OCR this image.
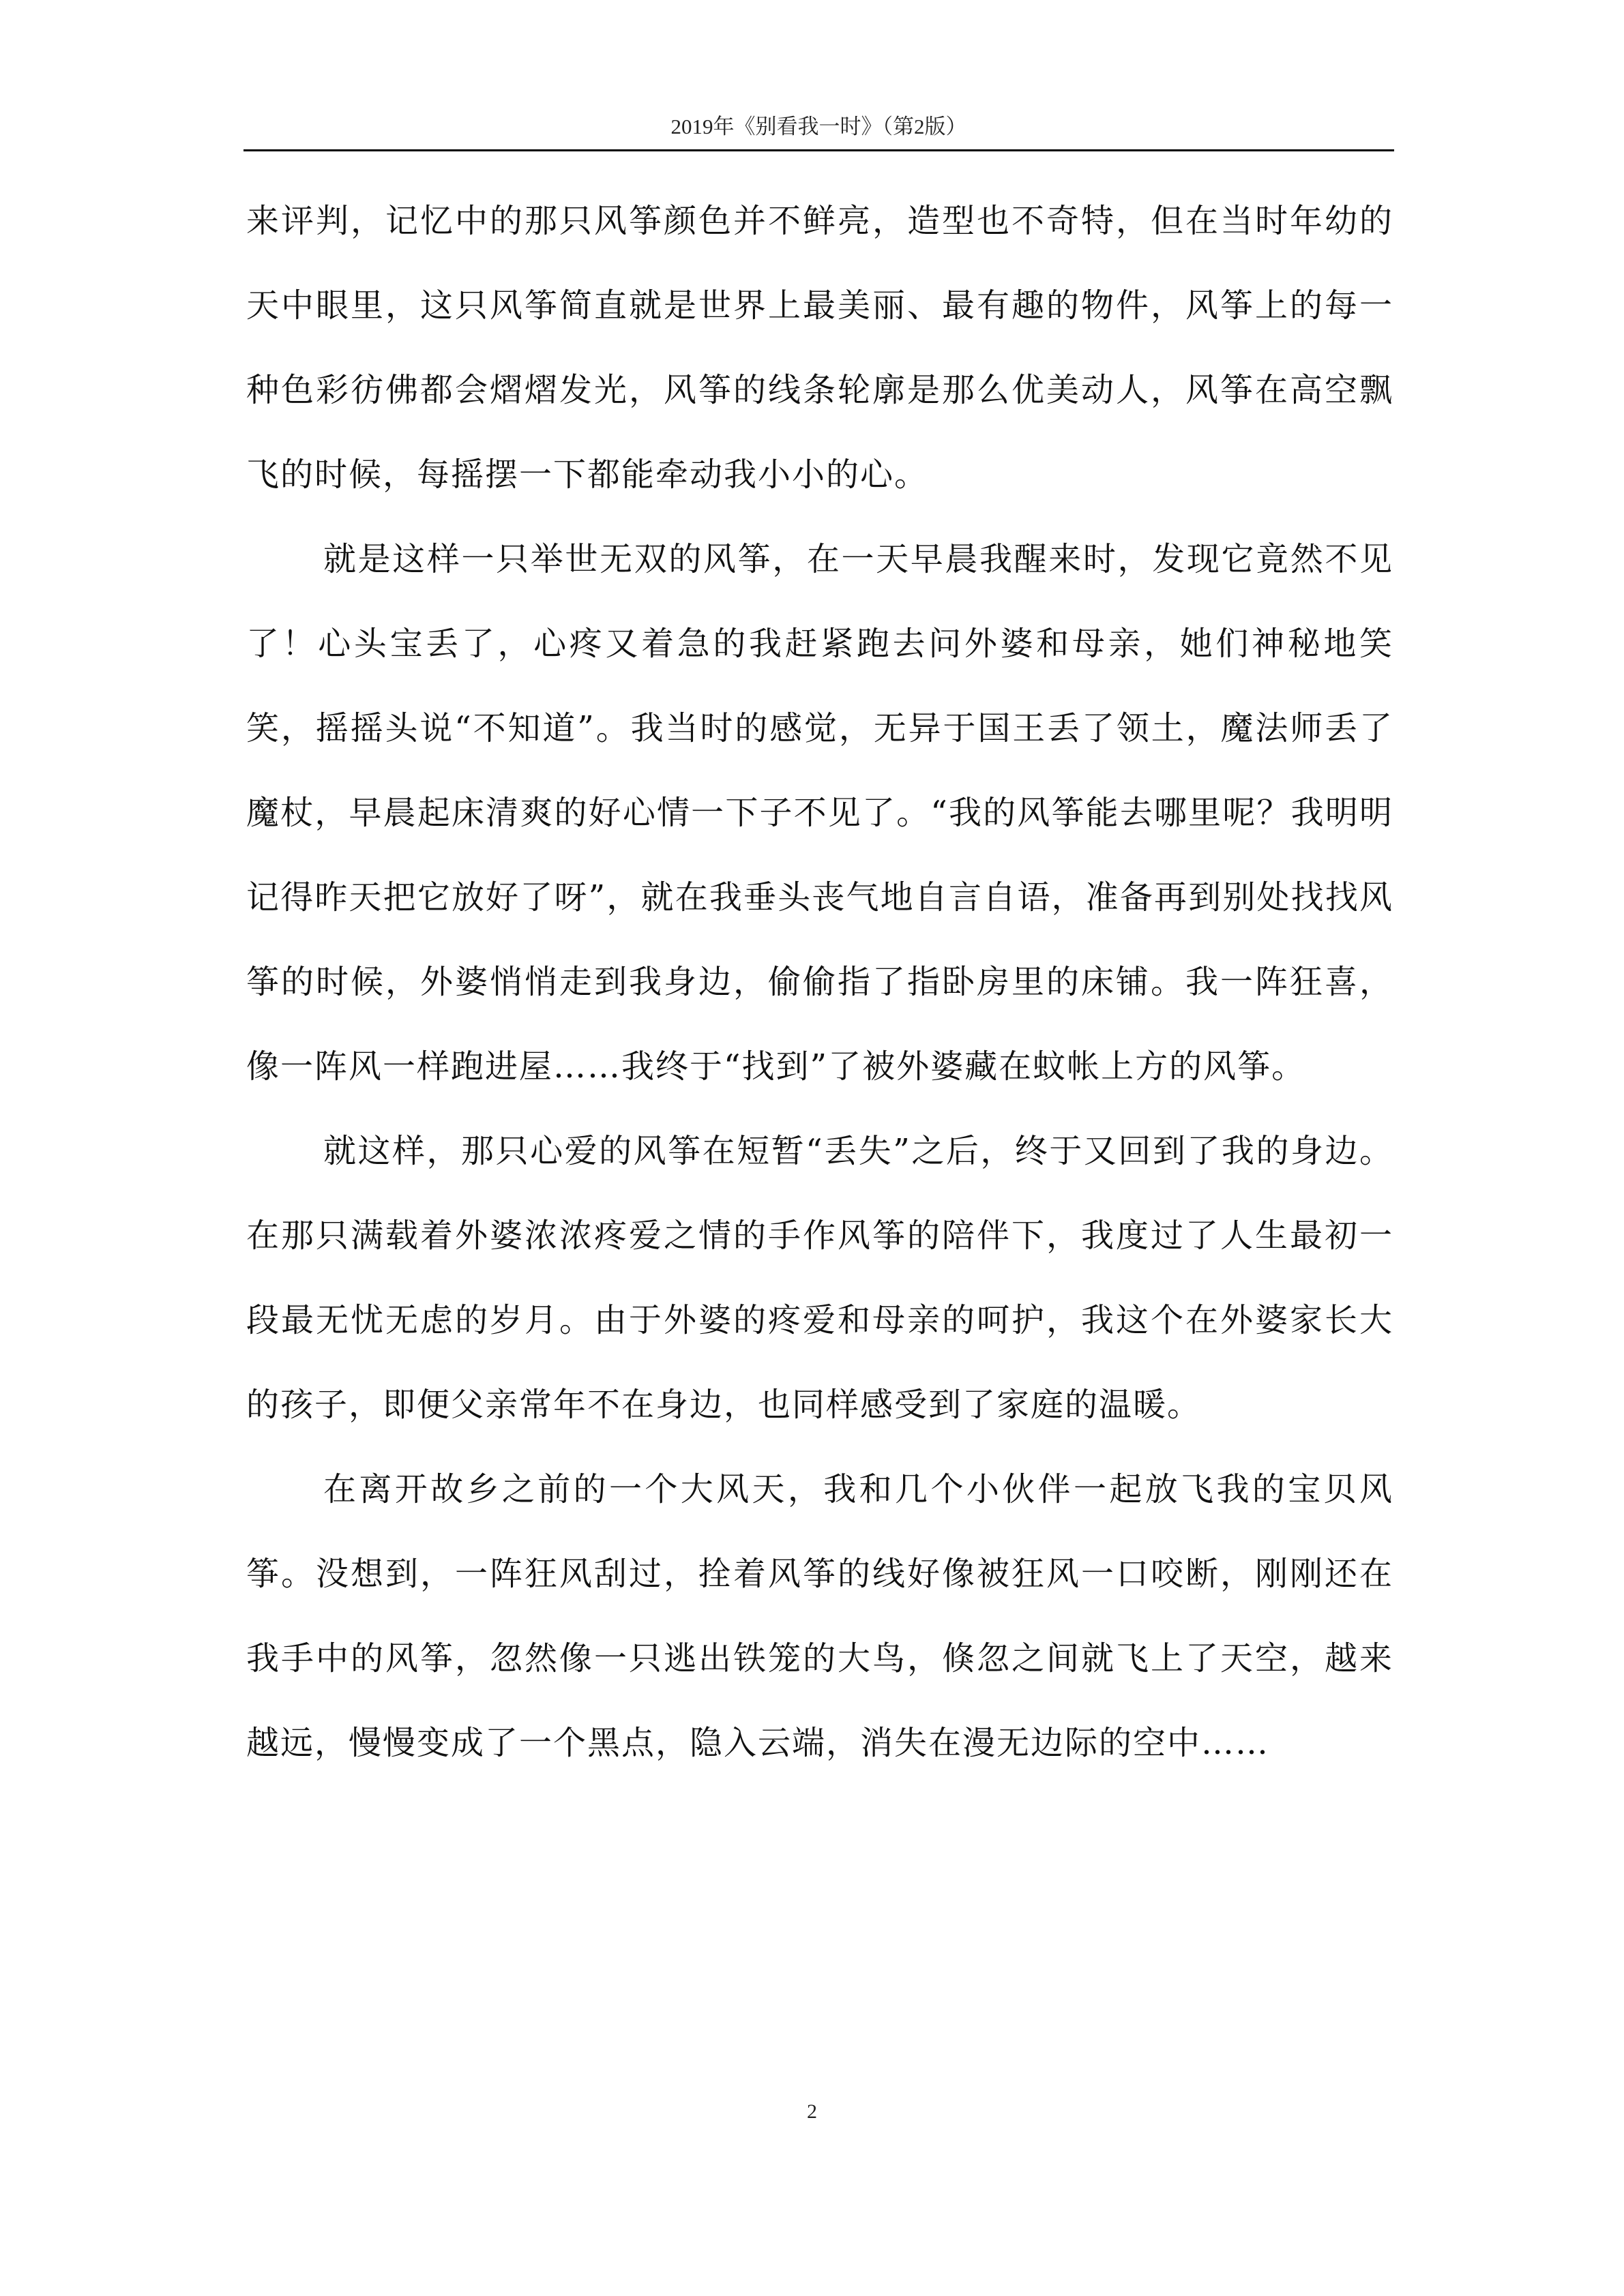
2019年《别看我一时》（第2版）

来评判，记忆中的那只风筝颜色并不鲜亮，造型也不奇特，但在当时年幼的天中眼里，这只风筝简直就是世界上最美丽、最有趣的物件，风筝上的每一种色彩彷佛都会熠熠发光，风筝的线条轮廓是那么优美动人，风筝在高空飘飞的时候，每摇摆一下都能牵动我小小的心。

就是这样一只举世无双的风筝，在一天早晨我醒来时，发现它竟然不见了！心头宝丢了，心疼又着急的我赶紧跑去问外婆和母亲，她们神秘地笑笑，摇摇头说“不知道”。我当时的感觉，无异于国王丢了领土，魔法师丢了魔杖，早晨起床清爽的好心情一下子不见了。“我的风筝能去哪里呢？我明明记得昨天把它放好了呀”，就在我垂头丧气地自言自语，准备再到别处找找风筝的时候，外婆悄悄走到我身边，偷偷指了指卧房里的床铺。我一阵狂喜，像一阵风一样跑进屋……我终于“找到”了被外婆藏在蚊帐上方的风筝。

就这样，那只心爱的风筝在短暂“丢失”之后，终于又回到了我的身边。在那只满载着外婆浓浓疼爱之情的手作风筝的陪伴下，我度过了人生最初一段最无忧无虑的岁月。由于外婆的疼爱和母亲的呵护，我这个在外婆家长大的孩子，即便父亲常年不在身边，也同样感受到了家庭的温暖。

在离开故乡之前的一个大风天，我和几个小伙伴一起放飞我的宝贝风筝。没想到，一阵狂风刮过，拴着风筝的线好像被狂风一口咬断，刚刚还在我手中的风筝，忽然像一只逃出铁笼的大鸟，倏忽之间就飞上了天空，越来越远，慢慢变成了一个黑点，隐入云端，消失在漫无边际的空中……

2
